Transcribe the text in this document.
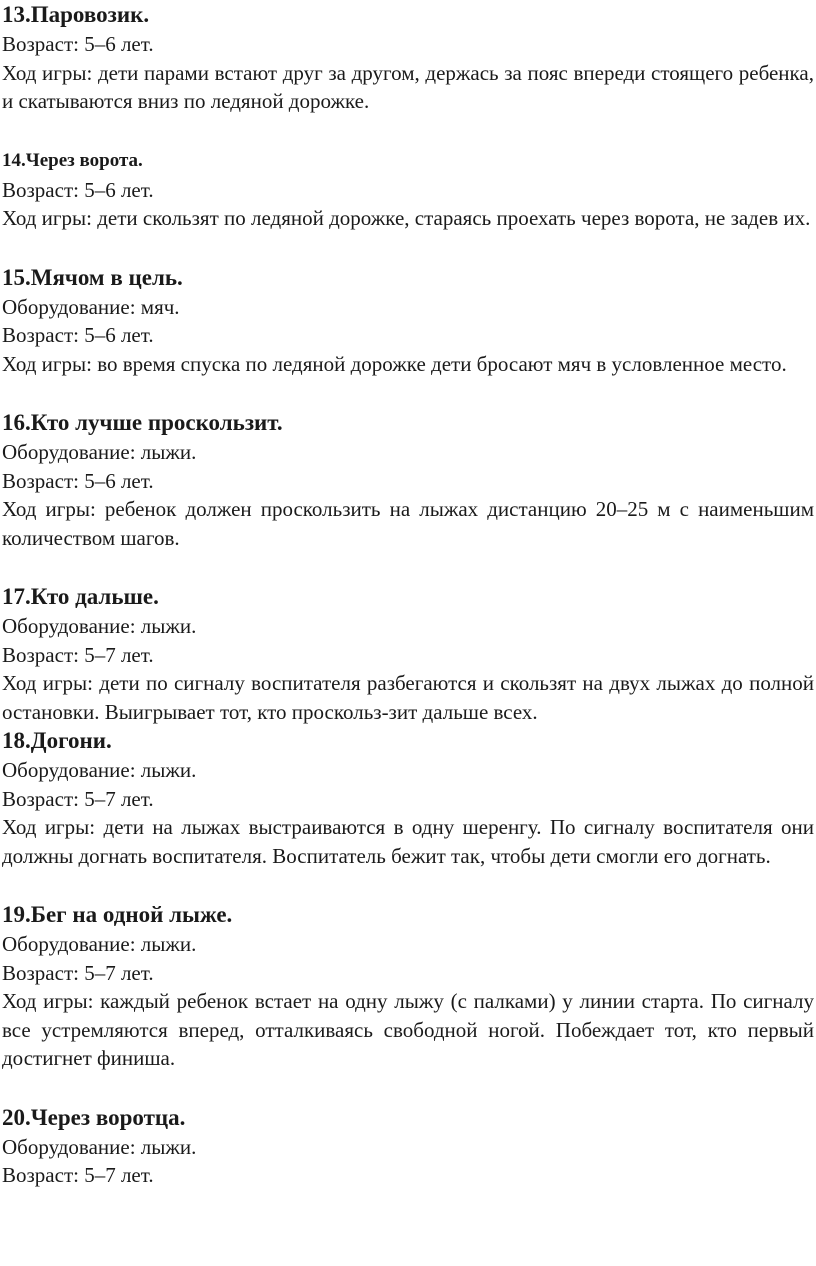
13.Паровозик.

Возраст: 5–6 лет.

Ход игры: дети парами встают друг за другом, держась за пояс впереди стоящего ребенка, и скатываются вниз по ледяной дорожке.

14.Через ворота.

Возраст: 5–6 лет.

Ход игры: дети скользят по ледяной дорожке, стараясь проехать через ворота, не задев их.

15.Мячом в цель.

Оборудование: мяч.

Возраст: 5–6 лет.

Ход игры: во время спуска по ледяной дорожке дети бросают мяч в условленное место.

16.Кто лучше проскользит.

Оборудование: лыжи.

Возраст: 5–6 лет.

Ход игры: ребенок должен проскользить на лыжах дистанцию 20–25 м с наименьшим количеством шагов.

17.Кто дальше.

Оборудование: лыжи.

Возраст: 5–7 лет.

Ход игры: дети по сигналу воспитателя разбегаются и скользят на двух лыжах до полной остановки. Выигрывает тот, кто проскольз-зит дальше всех.

18.Догони.

Оборудование: лыжи.

Возраст: 5–7 лет.

Ход игры: дети на лыжах выстраиваются в одну шеренгу. По сигналу воспитателя они должны догнать воспитателя. Воспитатель бежит так, чтобы дети смогли его догнать.

19.Бег на одной лыже.

Оборудование: лыжи.

Возраст: 5–7 лет.

Ход игры: каждый ребенок встает на одну лыжу (с палками) у линии старта. По сигналу все устремляются вперед, отталкиваясь свободной ногой. Побеждает тот, кто первый достигнет финиша.

20.Через воротца.

Оборудование: лыжи.

Возраст: 5–7 лет.
